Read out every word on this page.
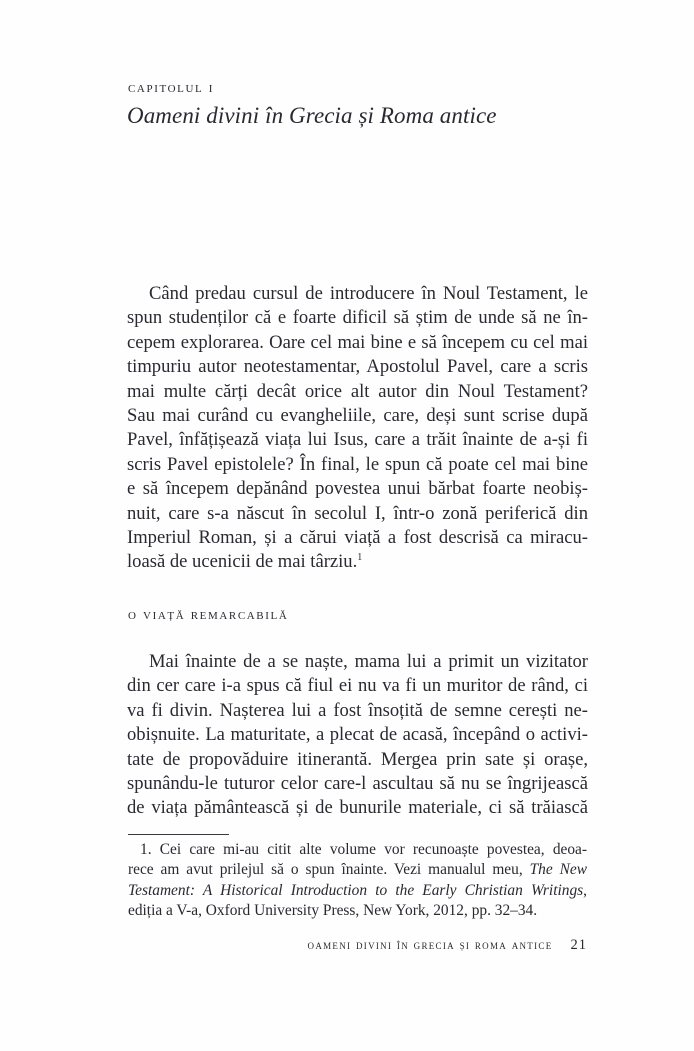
capitolul i
Oameni divini în Grecia și Roma antice
Când predau cursul de introducere în Noul Testament, le
spun studenților că e foarte dificil să știm de unde să ne în-
cepem explorarea. Oare cel mai bine e să începem cu cel mai
timpuriu autor neotestamentar, Apostolul Pavel, care a scris
mai multe cărți decât orice alt autor din Noul Testament?
Sau mai curând cu evangheliile, care, deși sunt scrise după
Pavel, înfățișează viața lui Isus, care a trăit înainte de a-și fi
scris Pavel epistolele? În final, le spun că poate cel mai bine
e să începem depănând povestea unui bărbat foarte neobiș-
nuit, care s-a născut în secolul I, într-o zonă periferică din
Imperiul Roman, și a cărui viață a fost descrisă ca miracu-
loasă de ucenicii de mai târziu.$^1$
o viață remarcabilă
Mai înainte de a se naște, mama lui a primit un vizitator
din cer care i-a spus că fiul ei nu va fi un muritor de rând, ci
va fi divin. Nașterea lui a fost însoțită de semne cerești ne-
obișnuite. La maturitate, a plecat de acasă, începând o activi-
tate de propovăduire itinerantă. Mergea prin sate și orașe,
spunându-le tuturor celor care-l ascultau să nu se îngrijească
de viața pământească și de bunurile materiale, ci să trăiască
1. Cei care mi-au citit alte volume vor recunoaște povestea, deoa-
rece am avut prilejul să o spun înainte. Vezi manualul meu, The New
Testament: A Historical Introduction to the Early Christian Writings,
ediția a V-a, Oxford University Press, New York, 2012, pp. 32–34.
oameni divini în grecia și roma antice 21
